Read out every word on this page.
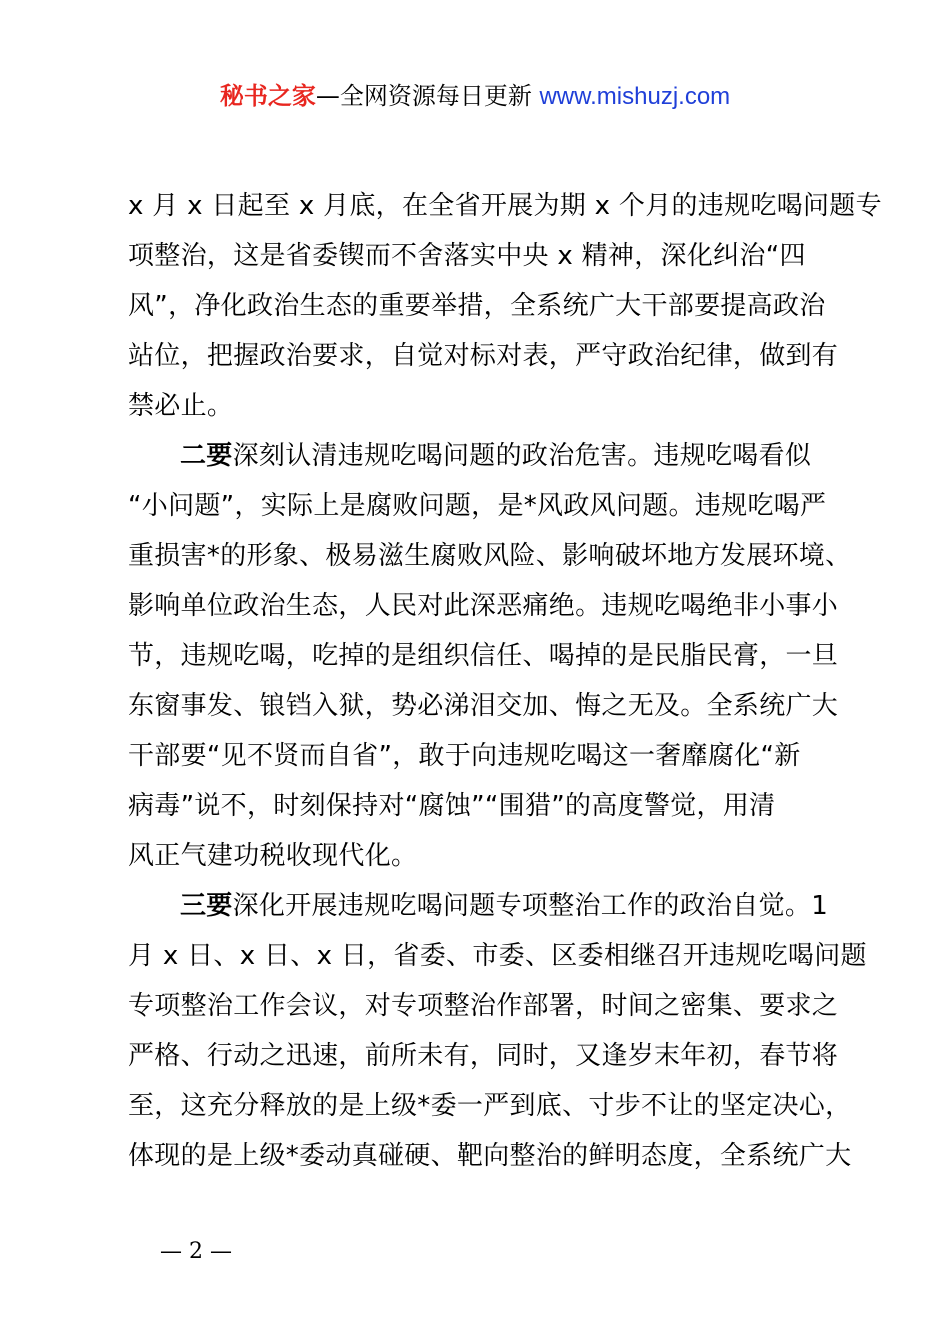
秘书之家—全网资源每日更新 www.mishuzj.com
x 月 x 日起至 x 月底，在全省开展为期 x 个月的违规吃喝问题专
项整治，这是省委锲而不舍落实中央 x 精神，深化纠治“四
风”，净化政治生态的重要举措，全系统广大干部要提高政治
站位，把握政治要求，自觉对标对表，严守政治纪律，做到有
禁必止。
二要深刻认清违规吃喝问题的政治危害。违规吃喝看似
“小问题”，实际上是腐败问题，是*风政风问题。违规吃喝严
重损害*的形象、极易滋生腐败风险、影响破坏地方发展环境、
影响单位政治生态，人民对此深恶痛绝。违规吃喝绝非小事小
节，违规吃喝，吃掉的是组织信任、喝掉的是民脂民膏，一旦
东窗事发、锒铛入狱，势必涕泪交加、悔之无及。全系统广大
干部要“见不贤而自省”，敢于向违规吃喝这一奢靡腐化“新
病毒”说不，时刻保持对“腐蚀”“围猎”的高度警觉，用清
风正气建功税收现代化。
三要深化开展违规吃喝问题专项整治工作的政治自觉。1
月 x 日、x 日、x 日，省委、市委、区委相继召开违规吃喝问题
专项整治工作会议，对专项整治作部署，时间之密集、要求之
严格、行动之迅速，前所未有，同时，又逢岁末年初，春节将
至，这充分释放的是上级*委一严到底、寸步不让的坚定决心，
体现的是上级*委动真碰硬、靶向整治的鲜明态度，全系统广大
— 2 —
